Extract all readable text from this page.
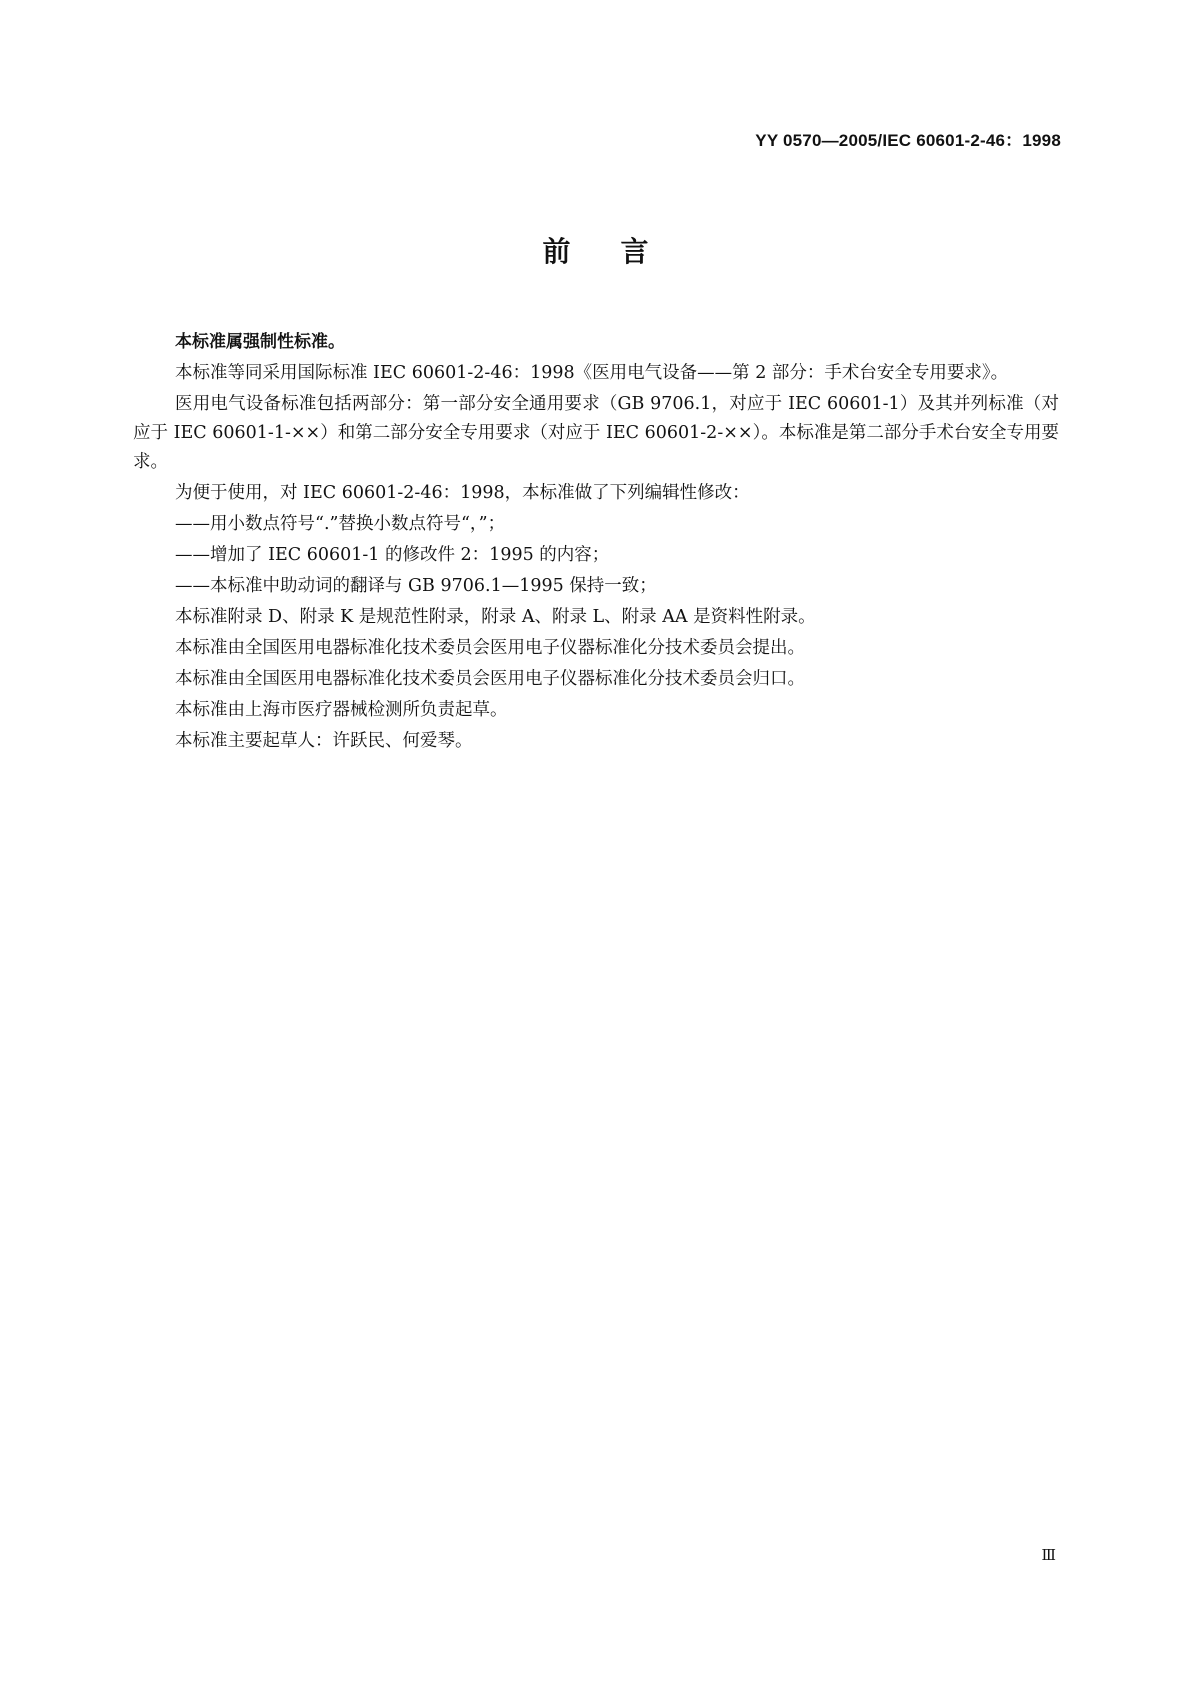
YY 0570—2005/IEC 60601-2-46：1998
前言

本标准属强制性标准。

本标准等同采用国际标准 IEC 60601-2-46：1998《医用电气设备——第 2 部分：手术台安全专用要求》。

医用电气设备标准包括两部分：第一部分安全通用要求（GB 9706.1，对应于 IEC 60601-1）及其并列标准（对应于 IEC 60601-1-××）和第二部分安全专用要求（对应于 IEC 60601-2-××）。本标准是第二部分手术台安全专用要求。

为便于使用，对 IEC 60601-2-46：1998，本标准做了下列编辑性修改：

——用小数点符号“.”替换小数点符号“，”；

——增加了 IEC 60601-1 的修改件 2：1995 的内容；

——本标准中助动词的翻译与 GB 9706.1—1995 保持一致；

本标准附录 D、附录 K 是规范性附录，附录 A、附录 L、附录 AA 是资料性附录。

本标准由全国医用电器标准化技术委员会医用电子仪器标准化分技术委员会提出。

本标准由全国医用电器标准化技术委员会医用电子仪器标准化分技术委员会归口。

本标准由上海市医疗器械检测所负责起草。

本标准主要起草人：许跃民、何爱琴。

Ⅲ
